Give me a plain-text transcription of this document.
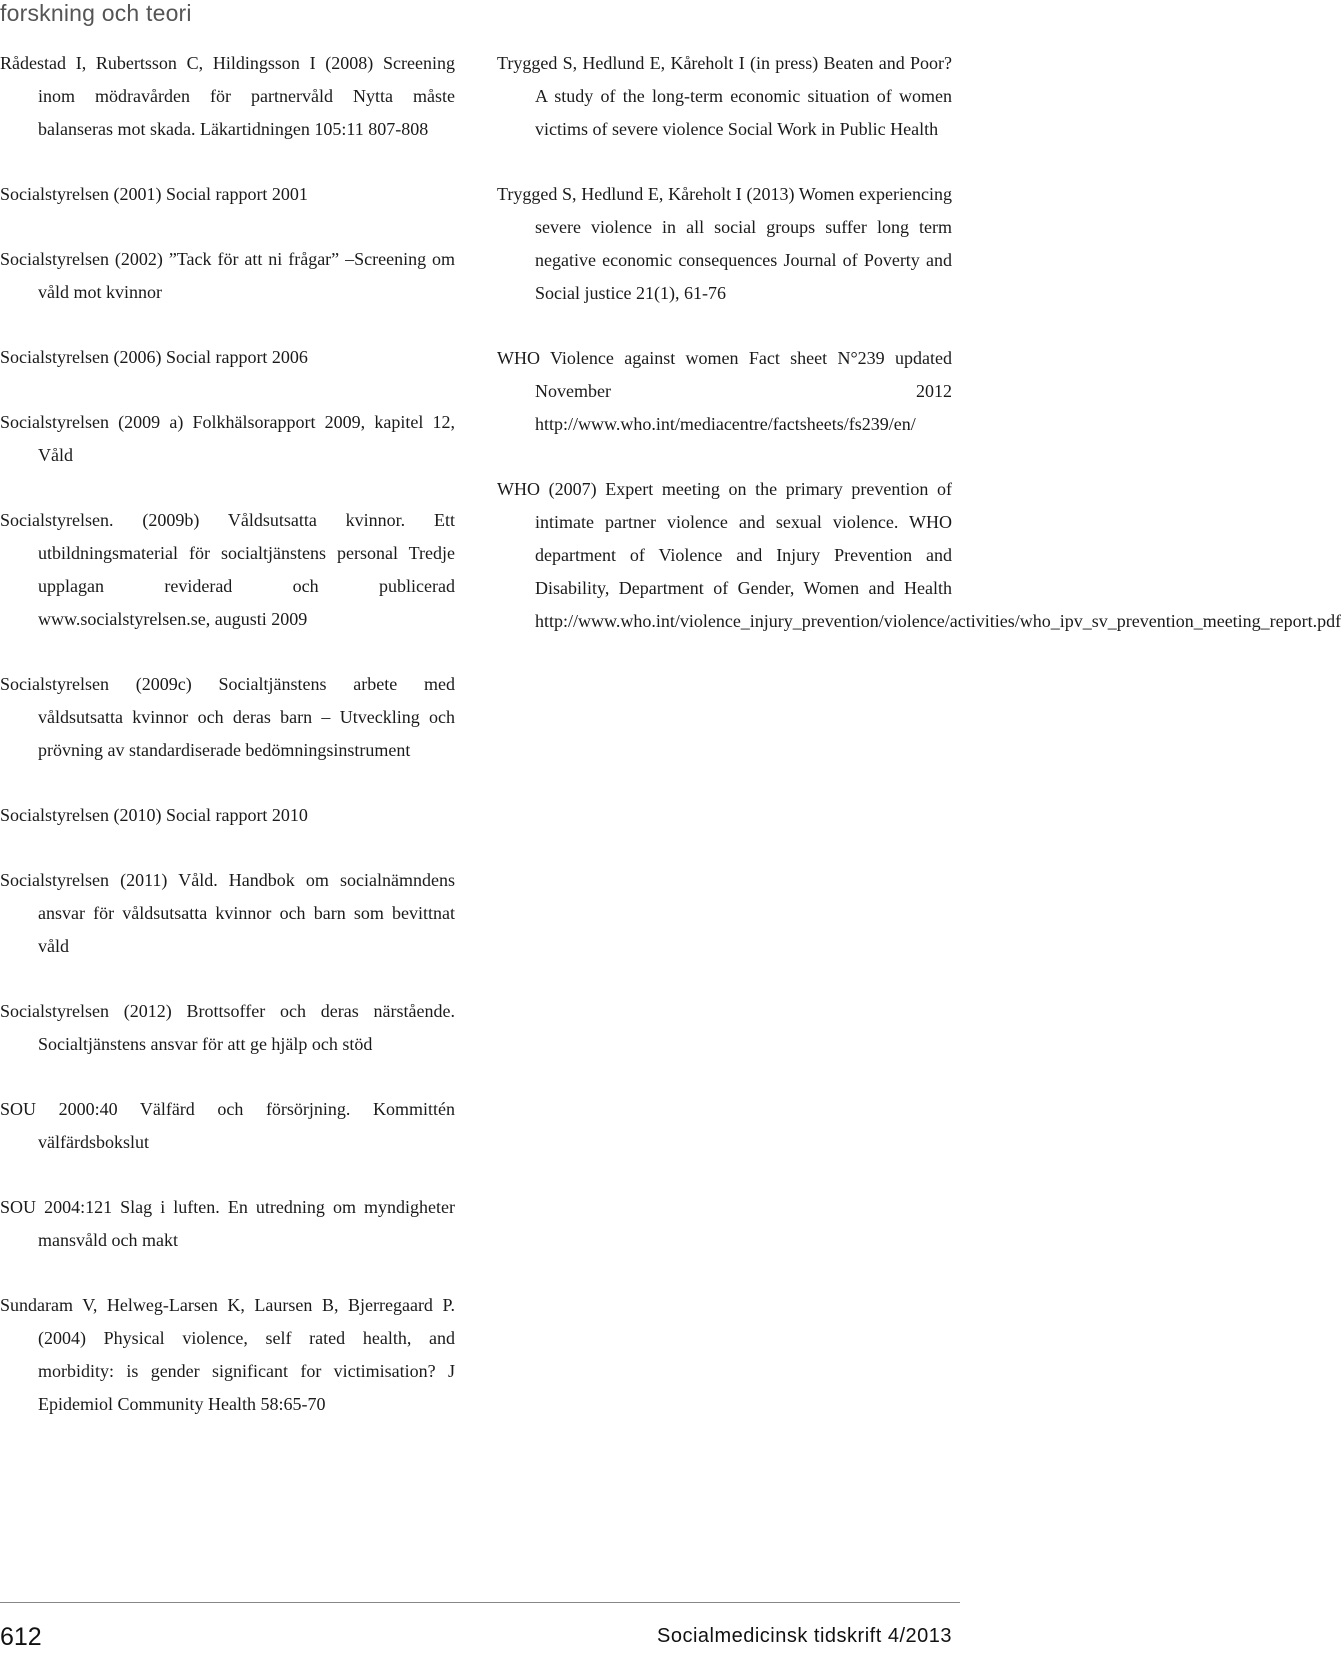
forskning och teori
Rådestad I, Rubertsson C, Hildingsson I (2008) Screening inom mödravården för partnervåld Nytta måste balanseras mot skada. Läkartidningen 105:11 807-808
Socialstyrelsen (2001) Social rapport 2001
Socialstyrelsen (2002) ”Tack för att ni frågar” –Screening om våld mot kvinnor
Socialstyrelsen (2006) Social rapport 2006
Socialstyrelsen (2009 a) Folkhälsorapport 2009, kapitel 12, Våld
Socialstyrelsen. (2009b) Våldsutsatta kvinnor. Ett utbildningsmaterial för socialtjänstens personal Tredje upplagan reviderad och publicerad www.socialstyrelsen.se, augusti 2009
Socialstyrelsen (2009c) Socialtjänstens arbete med våldsutsatta kvinnor och deras barn – Utveckling och prövning av standardiserade bedömningsinstrument
Socialstyrelsen (2010) Social rapport 2010
Socialstyrelsen (2011) Våld. Handbok om socialnämndens ansvar för våldsutsatta kvinnor och barn som bevittnat våld
Socialstyrelsen (2012) Brottsoffer och deras närstående. Socialtjänstens ansvar för att ge hjälp och stöd
SOU 2000:40 Välfärd och försörjning. Kommittén välfärdsbokslut
SOU 2004:121 Slag i luften. En utredning om myndigheter mansvåld och makt
Sundaram V, Helweg-Larsen K, Laursen B, Bjerregaard P. (2004) Physical violence, self rated health, and morbidity: is gender significant for victimisation? J Epidemiol Community Health 58:65-70
Trygged S, Hedlund E, Kåreholt I (in press) Beaten and Poor? A study of the long-term economic situation of women victims of severe violence Social Work in Public Health
Trygged S, Hedlund E, Kåreholt I (2013) Women experiencing severe violence in all social groups suffer long term negative economic consequences Journal of Poverty and Social justice 21(1), 61-76
WHO Violence against women Fact sheet N°239 updated November 2012 http://www.who.int/mediacentre/factsheets/fs239/en/
WHO (2007) Expert meeting on the primary prevention of intimate partner violence and sexual violence. WHO department of Violence and Injury Prevention and Disability, Department of Gender, Women and Health http://www.who.int/violence_injury_prevention/violence/activities/who_ipv_sv_prevention_meeting_report.pdf
612	Socialmedicinsk tidskrift 4/2013
